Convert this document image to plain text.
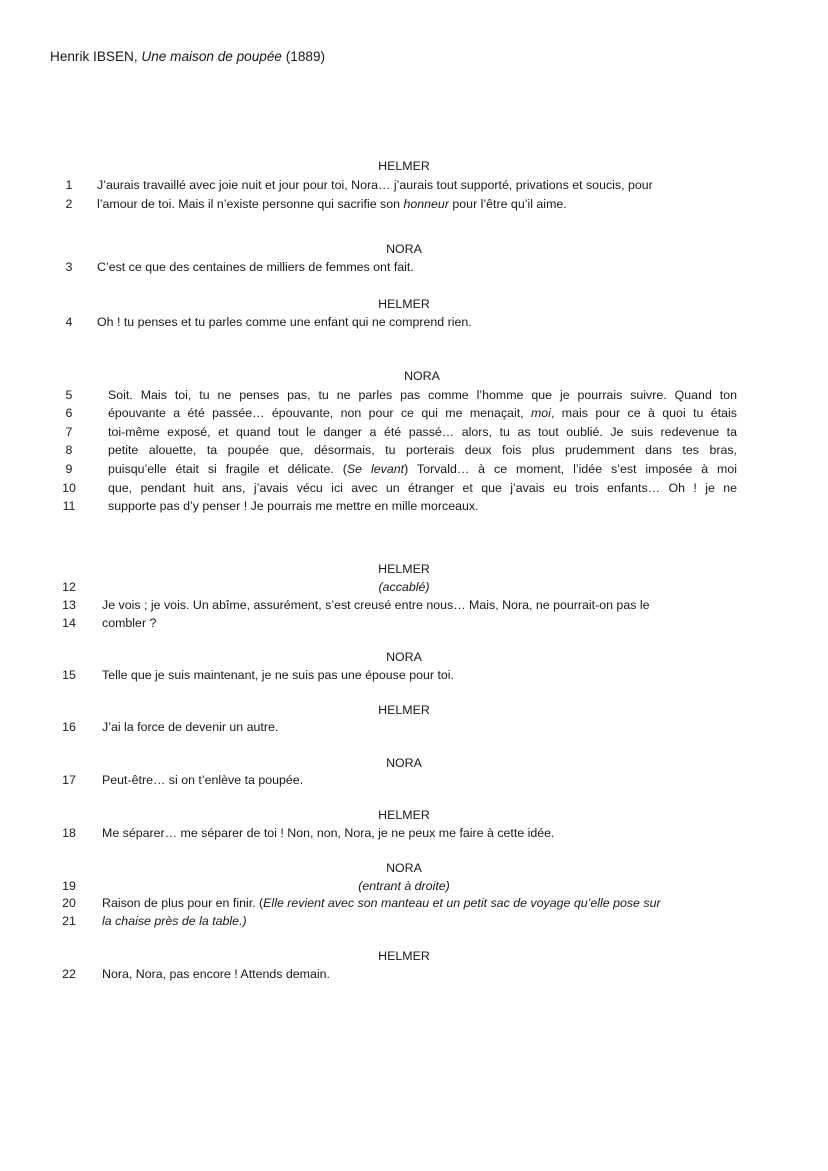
Henrik IBSEN, Une maison de poupée (1889)
HELMER
1	J’aurais travaillé avec joie nuit et jour pour toi, Nora… j’aurais tout supporté, privations et soucis, pour
2	l’amour de toi. Mais il n’existe personne qui sacrifie son honneur pour l’être qu’il aime.
NORA
3	C’est ce que des centaines de milliers de femmes ont fait.
HELMER
4	Oh ! tu penses et tu parles comme une enfant qui ne comprend rien.
NORA
5	Soit. Mais toi, tu ne penses pas, tu ne parles pas comme l’homme que je pourrais suivre. Quand ton
6	épouvante a été passée… épouvante, non pour ce qui me menaçait, moi, mais pour ce à quoi tu étais
7	toi-même exposé, et quand tout le danger a été passé… alors, tu as tout oublié. Je suis redevenue ta
8	petite alouette, ta poupée que, désormais, tu porterais deux fois plus prudemment dans tes bras,
9	puisqu’elle était si fragile et délicate. (Se levant) Torvald… à ce moment, l’idée s’est imposée à moi
10	que, pendant huit ans, j’avais vécu ici avec un étranger et que j’avais eu trois enfants… Oh ! je ne
11	supporte pas d’y penser ! Je pourrais me mettre en mille morceaux.
HELMER
12	(accablé)
13	Je vois ; je vois. Un abîme, assurément, s’est creusé entre nous… Mais, Nora, ne pourrait-on pas le
14	combler ?
NORA
15	Telle que je suis maintenant, je ne suis pas une épouse pour toi.
HELMER
16	J’ai la force de devenir un autre.
NORA
17	Peut-être… si on t’enlève ta poupée.
HELMER
18	Me séparer… me séparer de toi ! Non, non, Nora, je ne peux me faire à cette idée.
NORA
19	(entrant à droite)
20	Raison de plus pour en finir. (Elle revient avec son manteau et un petit sac de voyage qu’elle pose sur
21	la chaise près de la table.)
HELMER
22	Nora, Nora, pas encore ! Attends demain.
